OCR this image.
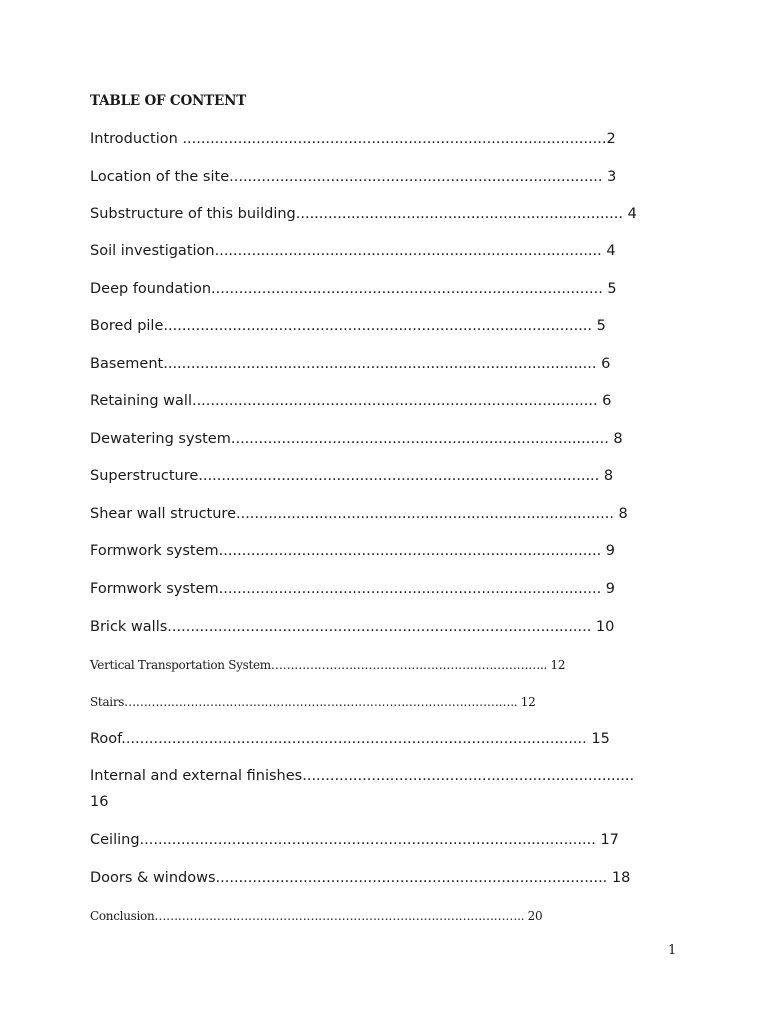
TABLE OF CONTENT
Introduction ............................................................................................2
Location of the site................................................................................. 3
Substructure of this building....................................................................... 4
Soil investigation.................................................................................... 4
Deep foundation..................................................................................... 5
Bored pile............................................................................................. 5
Basement.............................................................................................. 6
Retaining wall........................................................................................ 6
Dewatering system.................................................................................. 8
Superstructure....................................................................................... 8
Shear wall structure.................................................................................. 8
Formwork system................................................................................... 9
Formwork system................................................................................... 9
Brick walls............................................................................................ 10
Vertical Transportation System…………………………………………………………….. 12
Stairs……………………………………………………………………………………….. 12
Roof..................................................................................................... 15
Internal and external finishes........................................................................
16
Ceiling................................................................................................... 17
Doors & windows..................................................................................... 18
Conclusion………………………………………………………………………………….. 20
1
